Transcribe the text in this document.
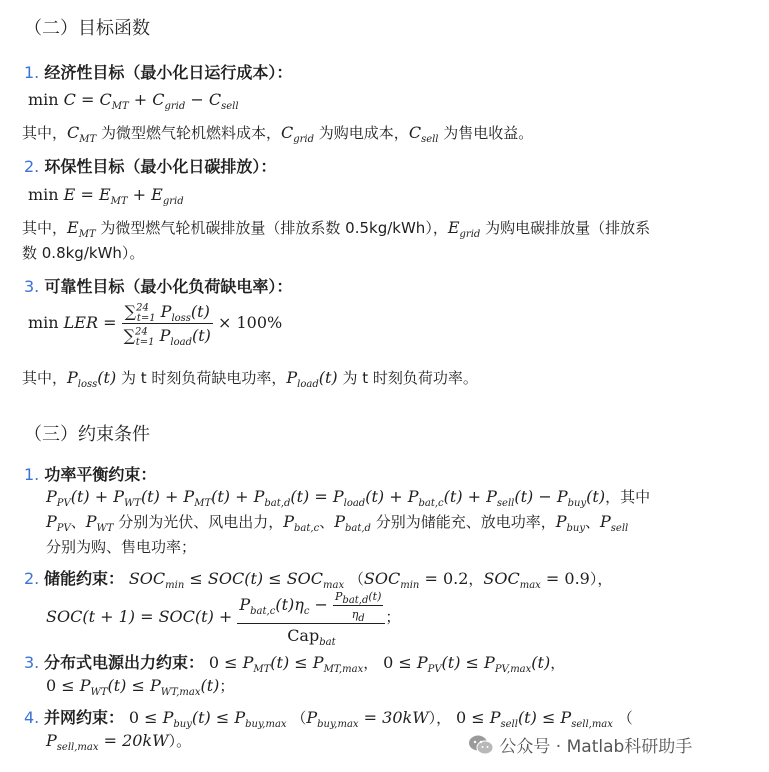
（二）目标函数
1. 经济性目标（最小化日运行成本）：
$\min C = C_{MT} + C_{grid} - C_{sell}$
其中，$C_{MT}$ 为微型燃气轮机燃料成本，$C_{grid}$ 为购电成本，$C_{sell}$ 为售电收益。
2. 环保性目标（最小化日碳排放）：
$\min E = E_{MT} + E_{grid}$
其中，$E_{MT}$ 为微型燃气轮机碳排放量（排放系数 0.5kg/kWh），$E_{grid}$ 为购电碳排放量（排放系
数 0.8kg/kWh）。
3. 可靠性目标（最小化负荷缺电率）：
min LER = $\frac{\sum^{24}_{t=1} P_{loss}(t)}{\sum^{24}_{t=1} P_{load}(t)} \times 100\%$
其中，$P_{loss}(t)$ 为 t 时刻负荷缺电功率，$P_{load}(t)$ 为 t 时刻负荷功率。
（三）约束条件
1. 功率平衡约束：
$P_{PV}(t) + P_{WT}(t) + P_{MT}(t) + P_{bat,d}(t) = P_{load}(t) + P_{bat,c}(t) + P_{sell}(t) - P_{buy}(t)$，其中
$P_{PV}$、$P_{WT}$ 分别为光伏、风电出力，$P_{bat,c}$、$P_{bat,d}$ 分别为储能充、放电功率，$P_{buy}$、$P_{sell}$
分别为购、售电功率；
2. 储能约束： $SOC_{min} \le SOC(t) \le SOC_{max}$ （$SOC_{min} = 0.2$，$SOC_{max} = 0.9$），
$SOC(t + 1) = SOC(t) + \frac{P_{bat,c}(t)\eta_c - \frac{P_{bat,d}(t)}{\eta_d}}{Cap_{bat}}$ ；
3. 分布式电源出力约束： $0 \le P_{MT}(t) \le P_{MT,max}$， $0 \le P_{PV}(t) \le P_{PV,max}(t)$，
$0 \le P_{WT}(t) \le P_{WT,max}(t)$；
4. 并网约束： $0 \le P_{buy}(t) \le P_{buy,max}$ $(P_{buy,max} = 30kW)$， $0 \le P_{sell}(t) \le P_{sell,max}$ （
$P_{sell,max} = 20kW$）。	公众号 · Matlab科研助手
